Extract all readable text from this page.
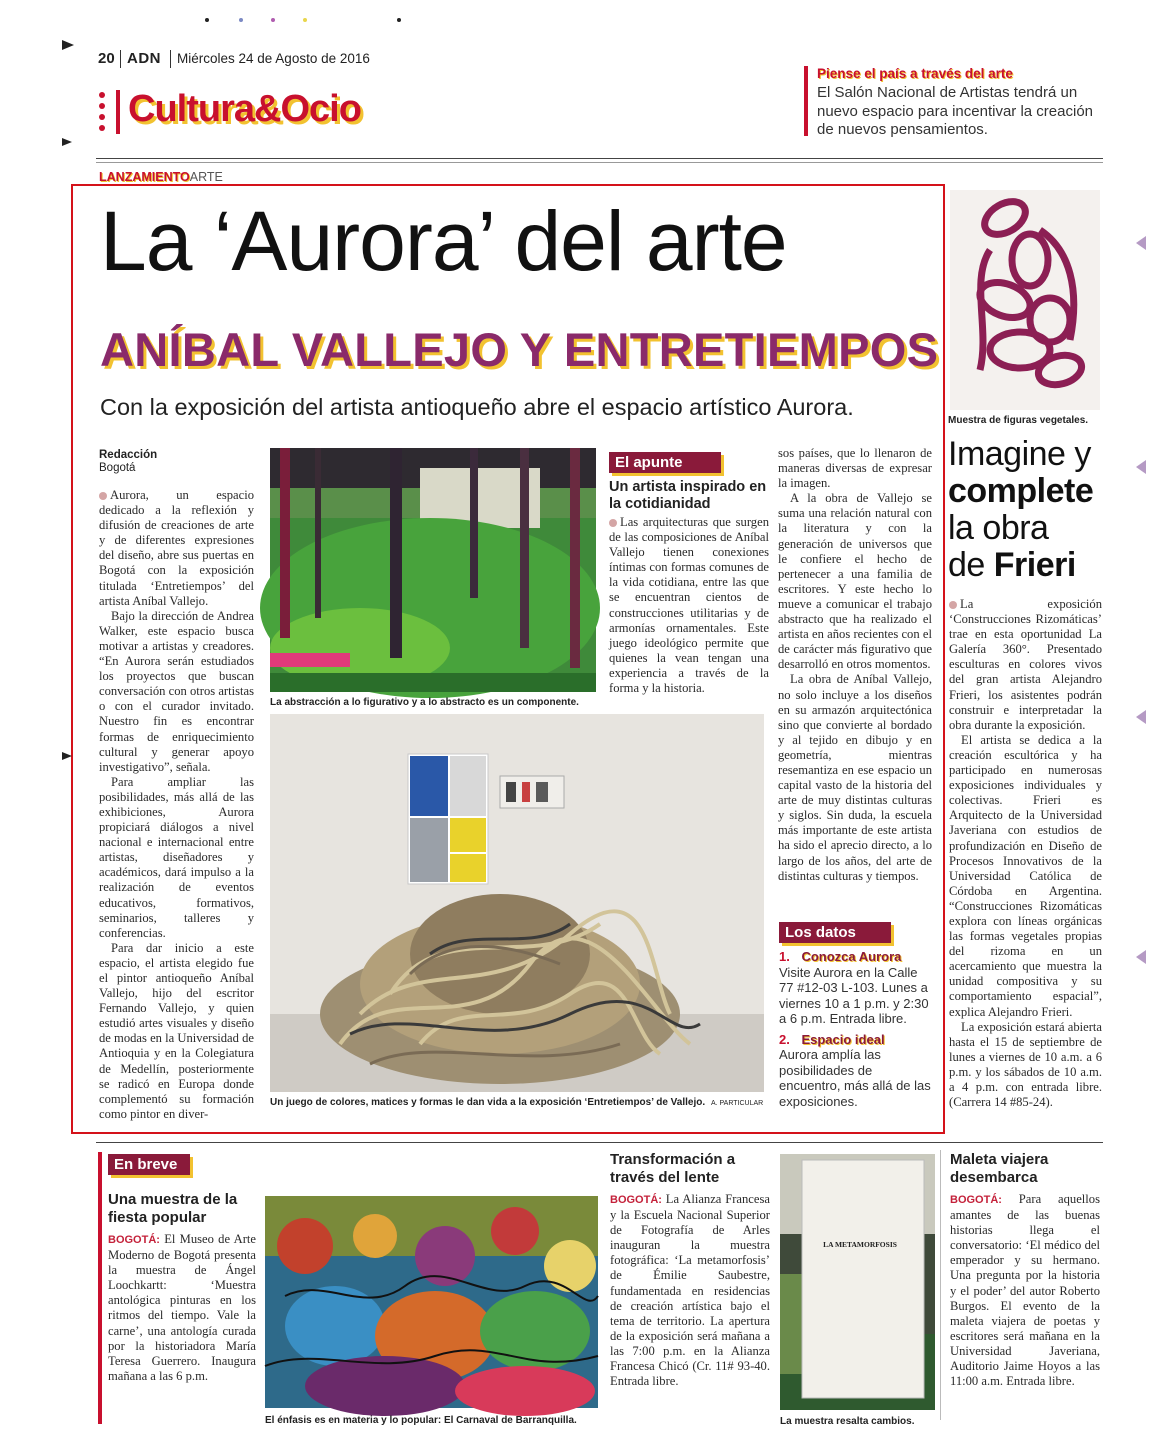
20 ADN Miércoles 24 de Agosto de 2016
Cultura&Ocio
Piense el país a través del arte
El Salón Nacional de Artistas tendrá un nuevo espacio para incentivar la creación de nuevos pensamientos.
LANZAMIENTOARTE
La ‘Aurora’ del arte
ANÍBAL VALLEJO Y ENTRETIEMPOS
Con la exposición del artista antioqueño abre el espacio artístico Aurora.
Redacción
Bogotá

Aurora, un espacio dedicado a la reflexión y difusión de creaciones de arte y de diferentes expresiones del diseño, abre sus puertas en Bogotá con la exposición titulada ‘Entretiempos’ del artista Aníbal Vallejo.

Bajo la dirección de Andrea Walker, este espacio busca motivar a artistas y creadores. “En Aurora serán estudiados los proyectos que buscan conversación con otros artistas o con el curador invitado. Nuestro fin es encontrar formas de enriquecimiento cultural y generar apoyo investigativo”, señala.

Para ampliar las posibilidades, más allá de las exhibiciones, Aurora propiciará diálogos a nivel nacional e internacional entre artistas, diseñadores y académicos, dará impulso a la realización de eventos educativos, formativos, seminarios, talleres y conferencias.

Para dar inicio a este espacio, el artista elegido fue el pintor antioqueño Aníbal Vallejo, hijo del escritor Fernando Vallejo, y quien estudió artes visuales y diseño de modas en la Universidad de Antioquia y en la Colegiatura de Medellín, posteriormente se radicó en Europa donde complementó su formación como pintor en diver-

La abstracción a lo figurativo y a lo abstracto es un componente.
Un juego de colores, matices y formas le dan vida a la exposición ‘Entretiempos’ de Vallejo. A. PARTICULAR
El apunte
Un artista inspirado en la cotidianidad

Las arquitecturas que surgen de las composiciones de Aníbal Vallejo tienen conexiones íntimas con formas comunes de la vida cotidiana, entre las que se encuentran cientos de construcciones utilitarias y de armonías ornamentales. Este juego ideológico permite que quienes la vean tengan una experiencia a través de la forma y la historia.

sos países, que lo llenaron de maneras diversas de expresar la imagen.

A la obra de Vallejo se suma una relación natural con la literatura y con la generación de universos que le confiere el hecho de pertenecer a una familia de escritores. Y este hecho lo mueve a comunicar el trabajo abstracto que ha realizado el artista en años recientes con el de carácter más figurativo que desarrolló en otros momentos.

La obra de Aníbal Vallejo, no solo incluye a los diseños en su armazón arquitectónica sino que convierte al bordado y al tejido en dibujo y en geometría, mientras resemantiza en ese espacio un capital vasto de la historia del arte de muy distintas culturas y siglos. Sin duda, la escuela más importante de este artista ha sido el aprecio directo, a lo largo de los años, del arte de distintas culturas y tiempos.

Los datos
1. Conozca Aurora
Visite Aurora en la Calle 77 #12-03 L-103. Lunes a viernes 10 a 1 p.m. y 2:30 a 6 p.m. Entrada libre.
2. Espacio ideal
Aurora amplía las posibilidades de encuentro, más allá de las exposiciones.
Muestra de figuras vegetales.
Imagine y
complete
la obra
de Frieri

La exposición ‘Construcciones Rizomáticas’ trae en esta oportunidad La Galería 360°. Presentado esculturas en colores vivos del gran artista Alejandro Frieri, los asistentes podrán construir e interpretadar la obra durante la exposición.

El artista se dedica a la creación escultórica y ha participado en numerosas exposiciones individuales y colectivas. Frieri es Arquitecto de la Universidad Javeriana con estudios de profundización en Diseño de Procesos Innovativos de la Universidad Católica de Córdoba en Argentina. “Construcciones Rizomáticas explora con líneas orgánicas las formas vegetales propias del rizoma en un acercamiento que muestra la unidad compositiva y su comportamiento espacial”, explica Alejandro Frieri.

La exposición estará abierta hasta el 15 de septiembre de lunes a viernes de 10 a.m. a 6 p.m. y los sábados de 10 a.m. a 4 p.m. con entrada libre. (Carrera 14 #85-24).

En breve
Una muestra de la fiesta popular

BOGOTÁ: El Museo de Arte Moderno de Bogotá presenta la muestra de Ángel Loochkartt: ‘Muestra antológica pinturas en los ritmos del tiempo. Vale la carne’, una antología curada por la historiadora María Teresa Guerrero. Inaugura mañana a las 6 p.m.

El énfasis es en materia y lo popular: El Carnaval de Barranquilla.
Transformación a través del lente

BOGOTÁ: La Alianza Francesa y la Escuela Nacional Superior de Fotografía de Arles inauguran la muestra fotográfica: ‘La metamorfosis’ de Émilie Saubestre, fundamentada en residencias de creación artística bajo el tema de territorio. La apertura de la exposición será mañana a las 7:00 p.m. en la Alianza Francesa Chicó (Cr. 11# 93-40. Entrada libre.

LA METAMORFOSIS
La muestra resalta cambios.
Maleta viajera desembarca

BOGOTÁ: Para aquellos amantes de las buenas historias llega el conversatorio: ‘El médico del emperador y su hermano. Una pregunta por la historia y el poder’ del autor Roberto Burgos. El evento de la maleta viajera de poetas y escritores será mañana en la Universidad Javeriana, Auditorio Jaime Hoyos a las 11:00 a.m. Entrada libre.
